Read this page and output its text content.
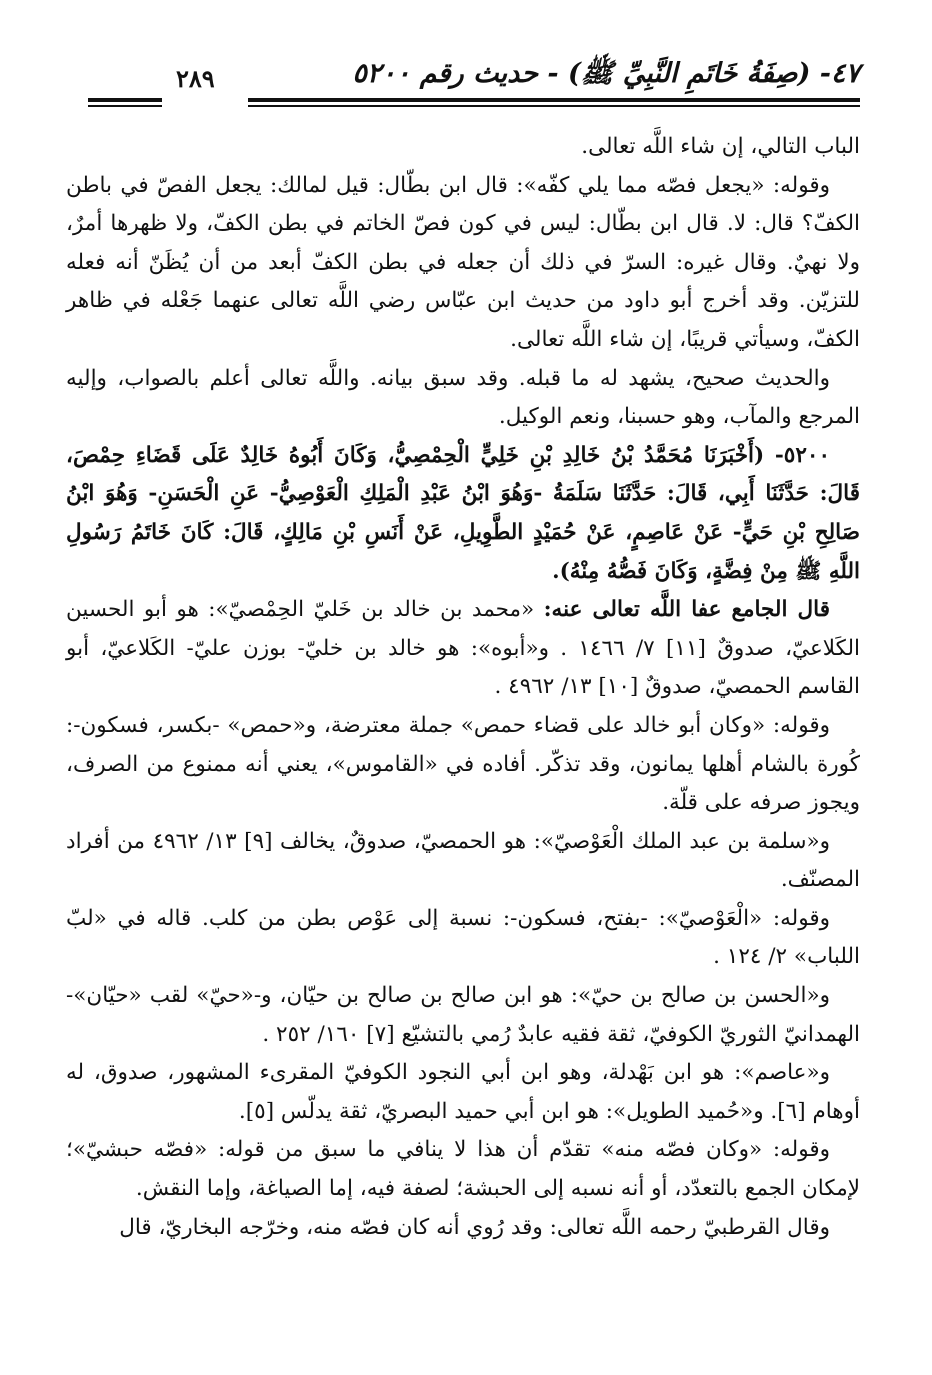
٤٧- (صِفَةُ خَاتَمِ النَّبِيِّ ﷺ) - حديث رقم ٥٢٠٠
٢٨٩

الباب التالي، إن شاء اللَّه تعالى.

وقوله: «يجعل فصّه مما يلي كفّه»: قال ابن بطّال: قيل لمالك: يجعل الفصّ في باطن الكفّ؟ قال: لا. قال ابن بطّال: ليس في كون فصّ الخاتم في بطن الكفّ، ولا ظهرها أمرٌ، ولا نهيٌ. وقال غيره: السرّ في ذلك أن جعله في بطن الكفّ أبعد من أن يُظَنّ أنه فعله للتزيّن. وقد أخرج أبو داود من حديث ابن عبّاس رضي اللَّه تعالى عنهما جَعْله في ظاهر الكفّ، وسيأتي قريبًا، إن شاء اللَّه تعالى.

والحديث صحيح، يشهد له ما قبله. وقد سبق بيانه. واللَّه تعالى أعلم بالصواب، وإليه المرجع والمآب، وهو حسبنا، ونعم الوكيل.

٥٢٠٠- (أَخْبَرَنَا مُحَمَّدُ بْنُ خَالِدِ بْنِ خَلِيٍّ الْحِمْصِيُّ، وَكَانَ أَبُوهُ خَالِدٌ عَلَى قَضَاءِ حِمْصَ، قَالَ: حَدَّثَنَا أَبِي، قَالَ: حَدَّثَنَا سَلَمَةُ -وَهُوَ ابْنُ عَبْدِ الْمَلِكِ الْعَوْصِيُّ- عَنِ الْحَسَنِ- وَهُوَ ابْنُ صَالِحِ بْنِ حَيٍّ- عَنْ عَاصِمٍ، عَنْ حُمَيْدٍ الطَّوِيلِ، عَنْ أَنَسِ بْنِ مَالِكٍ، قَالَ: كَانَ خَاتَمُ رَسُولِ اللَّهِ ﷺ مِنْ فِضَّةٍ، وَكَانَ فَصُّهُ مِنْهُ).

قال الجامع عفا اللَّه تعالى عنه: «محمد بن خالد بن خَليّ الحِمْصيّ»: هو أبو الحسين الكَلاعيّ، صدوقٌ [١١] ٧/ ١٤٦٦ . و«أبوه»: هو خالد بن خليّ- بوزن عليّ- الكَلاعيّ، أبو القاسم الحمصيّ، صدوقٌ [١٠] ١٣/ ٤٩٦٢ .

وقوله: «وكان أبو خالد على قضاء حمص» جملة معترضة، و«حمص» -بكسر، فسكون-: كُورة بالشام أهلها يمانون، وقد تذكّر. أفاده في «القاموس»، يعني أنه ممنوع من الصرف، ويجوز صرفه على قلّة.

و«سلمة بن عبد الملك الْعَوْصيّ»: هو الحمصيّ، صدوقٌ، يخالف [٩] ١٣/ ٤٩٦٢ من أفراد المصنّف.

وقوله: «الْعَوْصيّ»: -بفتح، فسكون-: نسبة إلى عَوْص بطن من كلب. قاله في «لبّ اللباب» ٢/ ١٢٤ .

و«الحسن بن صالح بن حيّ»: هو ابن صالح بن صالح بن حيّان، و-«حيّ» لقب «حيّان»- الهمدانيّ الثوريّ الكوفيّ، ثقة فقيه عابدٌ رُمي بالتشيّع [٧] ١٦٠/ ٢٥٢ .

و«عاصم»: هو ابن بَهْدلة، وهو ابن أبي النجود الكوفيّ المقرىء المشهور، صدوق، له أوهام [٦]. و«حُميد الطويل»: هو ابن أبي حميد البصريّ، ثقة يدلّس [٥].

وقوله: «وكان فصّه منه» تقدّم أن هذا لا ينافي ما سبق من قوله: «فصّه حبشيّ»؛ لإمكان الجمع بالتعدّد، أو أنه نسبه إلى الحبشة؛ لصفة فيه، إما الصياغة، وإما النقش.

وقال القرطبيّ رحمه اللَّه تعالى: وقد رُوي أنه كان فصّه منه، وخرّجه البخاريّ، قال
